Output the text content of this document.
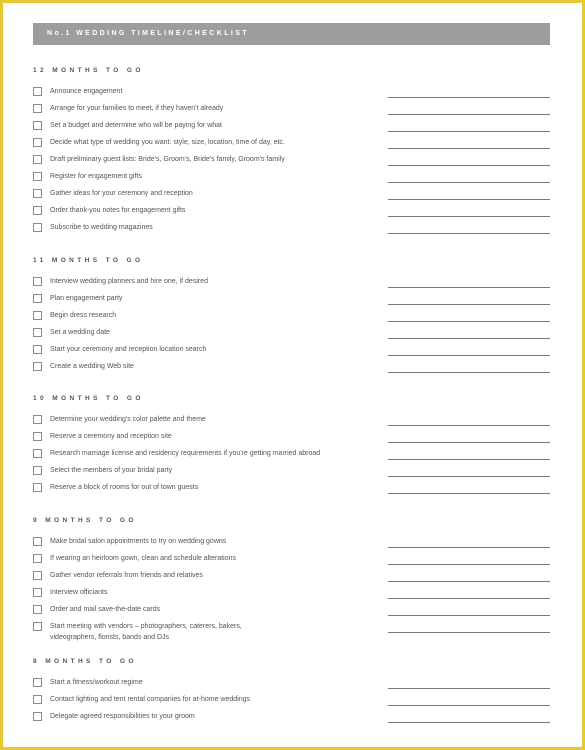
No.1 WEDDING TIMELINE/CHECKLIST
12 MONTHS TO GO
Announce engagement
Arrange for your families to meet, if they haven't already
Set a budget and determine who will be paying for what
Decide what type of wedding you want: style, size, location, time of day, etc.
Draft preliminary guest lists: Bride's, Groom's, Bride's family, Groom's family
Register for engagement gifts
Gather ideas for your ceremony and reception
Order thank-you notes for engagement gifts
Subscribe to wedding magazines
11 MONTHS TO GO
Interview wedding planners and hire one, if desired
Plan engagement party
Begin dress research
Set a wedding date
Start your ceremony and reception location search
Create a wedding Web site
10 MONTHS TO GO
Determine your wedding's color palette and theme
Reserve a ceremony and reception site
Research marriage license and residency requirements if you're getting married abroad
Select the members of your bridal party
Reserve a block of rooms for out of town guests
9 MONTHS TO GO
Make bridal salon appointments to try on wedding gowns
If wearing an heirloom gown, clean and schedule alterations
Gather vendor referrals from friends and relatives
Interview officiants
Order and mail save-the-date cards
Start meeting with vendors – photographers, caterers, bakers, videographers, florists, bands and DJs
8 MONTHS TO GO
Start a fitness/workout regime
Contact lighting and tent rental companies for at-home weddings
Delegate agreed responsibilities to your groom
